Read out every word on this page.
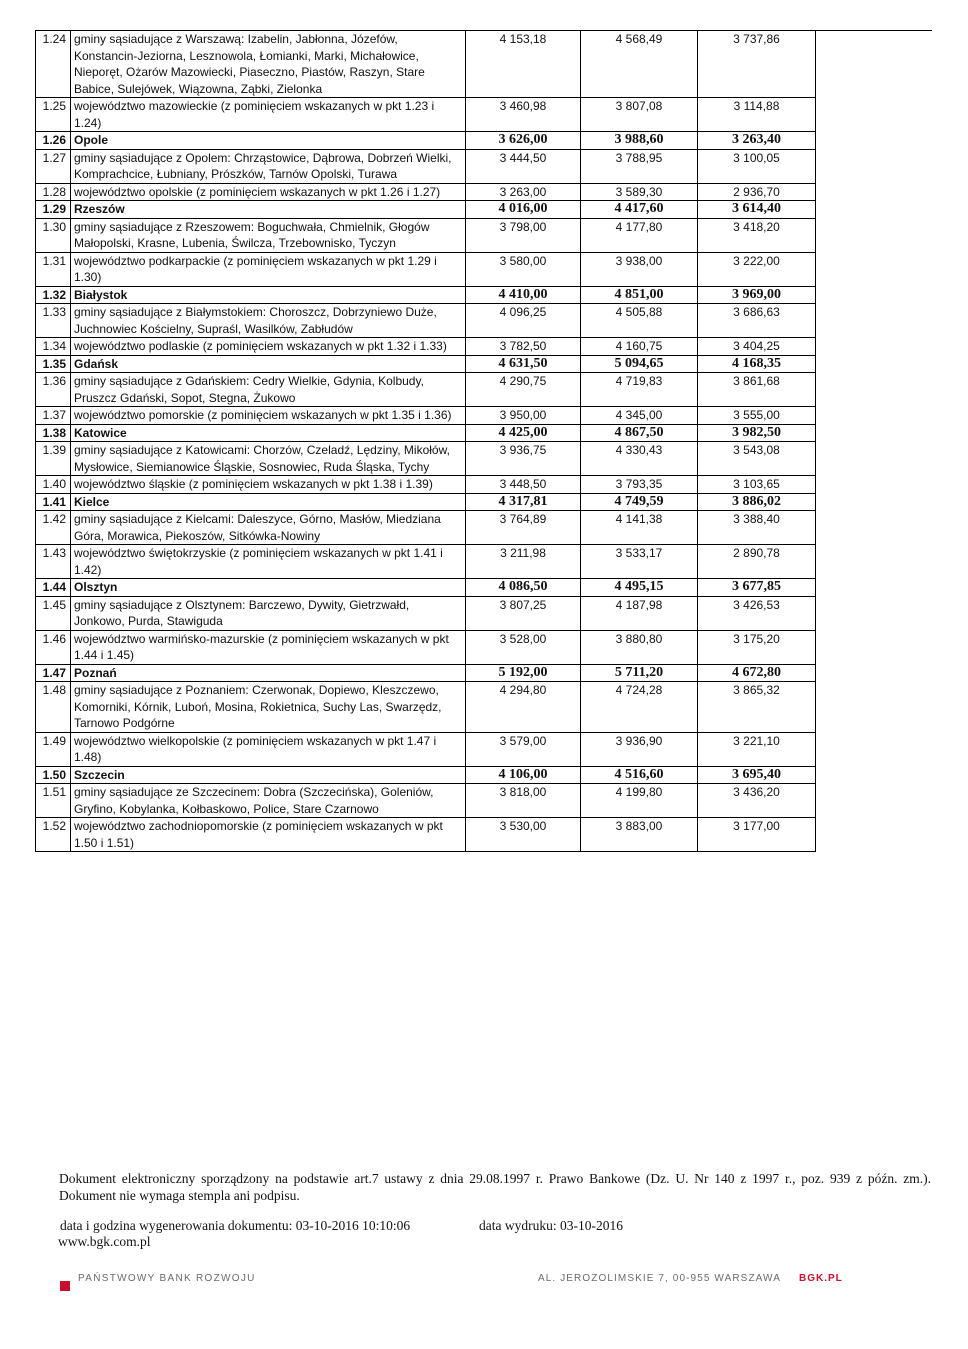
1.24	gminy sąsiadujące z Warszawą: Izabelin, Jabłonna, Józefów, Konstancin-Jeziorna, Lesznowola, Łomianki, Marki, Michałowice, Nieporęt, Ożarów Mazowiecki, Piaseczno, Piastów, Raszyn, Stare Babice, Sulejówek, Wiązowna, Ząbki, Zielonka	4 153,18	4 568,49	3 737,86
1.25	województwo mazowieckie (z pominięciem wskazanych w pkt 1.23 i 1.24)	3 460,98	3 807,08	3 114,88
1.26	Opole	3 626,00	3 988,60	3 263,40
1.27	gminy sąsiadujące z Opolem: Chrząstowice, Dąbrowa, Dobrzeń Wielki, Komprachcice, Łubniany, Prószków, Tarnów Opolski, Turawa	3 444,50	3 788,95	3 100,05
1.28	województwo opolskie (z pominięciem wskazanych w pkt 1.26 i 1.27)	3 263,00	3 589,30	2 936,70
1.29	Rzeszów	4 016,00	4 417,60	3 614,40
1.30	gminy sąsiadujące z Rzeszowem: Boguchwała, Chmielnik, Głogów Małopolski, Krasne, Lubenia, Świlcza, Trzebownisko, Tyczyn	3 798,00	4 177,80	3 418,20
1.31	województwo podkarpackie (z pominięciem wskazanych w pkt 1.29 i 1.30)	3 580,00	3 938,00	3 222,00
1.32	Białystok	4 410,00	4 851,00	3 969,00
1.33	gminy sąsiadujące z Białymstokiem: Choroszcz, Dobrzyniewo Duże, Juchnowiec Kościelny, Supraśl, Wasilków, Zabłudów	4 096,25	4 505,88	3 686,63
1.34	województwo podlaskie (z pominięciem wskazanych w pkt 1.32 i 1.33)	3 782,50	4 160,75	3 404,25
1.35	Gdańsk	4 631,50	5 094,65	4 168,35
1.36	gminy sąsiadujące z Gdańskiem: Cedry Wielkie, Gdynia, Kolbudy, Pruszcz Gdański, Sopot, Stegna, Żukowo	4 290,75	4 719,83	3 861,68
1.37	województwo pomorskie (z pominięciem wskazanych w pkt 1.35 i 1.36)	3 950,00	4 345,00	3 555,00
1.38	Katowice	4 425,00	4 867,50	3 982,50
1.39	gminy sąsiadujące z Katowicami: Chorzów, Czeladź, Lędziny, Mikołów, Mysłowice, Siemianowice Śląskie, Sosnowiec, Ruda Śląska, Tychy	3 936,75	4 330,43	3 543,08
1.40	województwo śląskie (z pominięciem wskazanych w pkt 1.38 i 1.39)	3 448,50	3 793,35	3 103,65
1.41	Kielce	4 317,81	4 749,59	3 886,02
1.42	gminy sąsiadujące z Kielcami: Daleszyce, Górno, Masłów, Miedziana Góra, Morawica, Piekoszów, Sitkówka-Nowiny	3 764,89	4 141,38	3 388,40
1.43	województwo świętokrzyskie (z pominięciem wskazanych w pkt 1.41 i 1.42)	3 211,98	3 533,17	2 890,78
1.44	Olsztyn	4 086,50	4 495,15	3 677,85
1.45	gminy sąsiadujące z Olsztynem: Barczewo, Dywity, Gietrzwałd, Jonkowo, Purda, Stawiguda	3 807,25	4 187,98	3 426,53
1.46	województwo warmińsko-mazurskie (z pominięciem wskazanych w pkt 1.44 i 1.45)	3 528,00	3 880,80	3 175,20
1.47	Poznań	5 192,00	5 711,20	4 672,80
1.48	gminy sąsiadujące z Poznaniem: Czerwonak, Dopiewo, Kleszczewo, Komorniki, Kórnik, Luboń, Mosina, Rokietnica, Suchy Las, Swarzędz, Tarnowo Podgórne	4 294,80	4 724,28	3 865,32
1.49	województwo wielkopolskie (z pominięciem wskazanych w pkt 1.47 i 1.48)	3 579,00	3 936,90	3 221,10
1.50	Szczecin	4 106,00	4 516,60	3 695,40
1.51	gminy sąsiadujące ze Szczecinem: Dobra (Szczecińska), Goleniów, Gryfino, Kobylanka, Kołbaskowo, Police, Stare Czarnowo	3 818,00	4 199,80	3 436,20
1.52	województwo zachodniopomorskie (z pominięciem wskazanych w pkt 1.50 i 1.51)	3 530,00	3 883,00	3 177,00
Dokument elektroniczny sporządzony na podstawie art.7 ustawy z dnia 29.08.1997 r. Prawo Bankowe (Dz. U. Nr 140 z 1997 r., poz. 939 z późn. zm.).
Dokument nie wymaga stempla ani podpisu.
data i godzina wygenerowania dokumentu: 03-10-2016 10:10:06	data wydruku: 03-10-2016
www.bgk.com.pl
PAŃSTWOWY BANK ROZWOJU	AL. JEROZOLIMSKIE 7, 00-955 WARSZAWA BGK.PL
